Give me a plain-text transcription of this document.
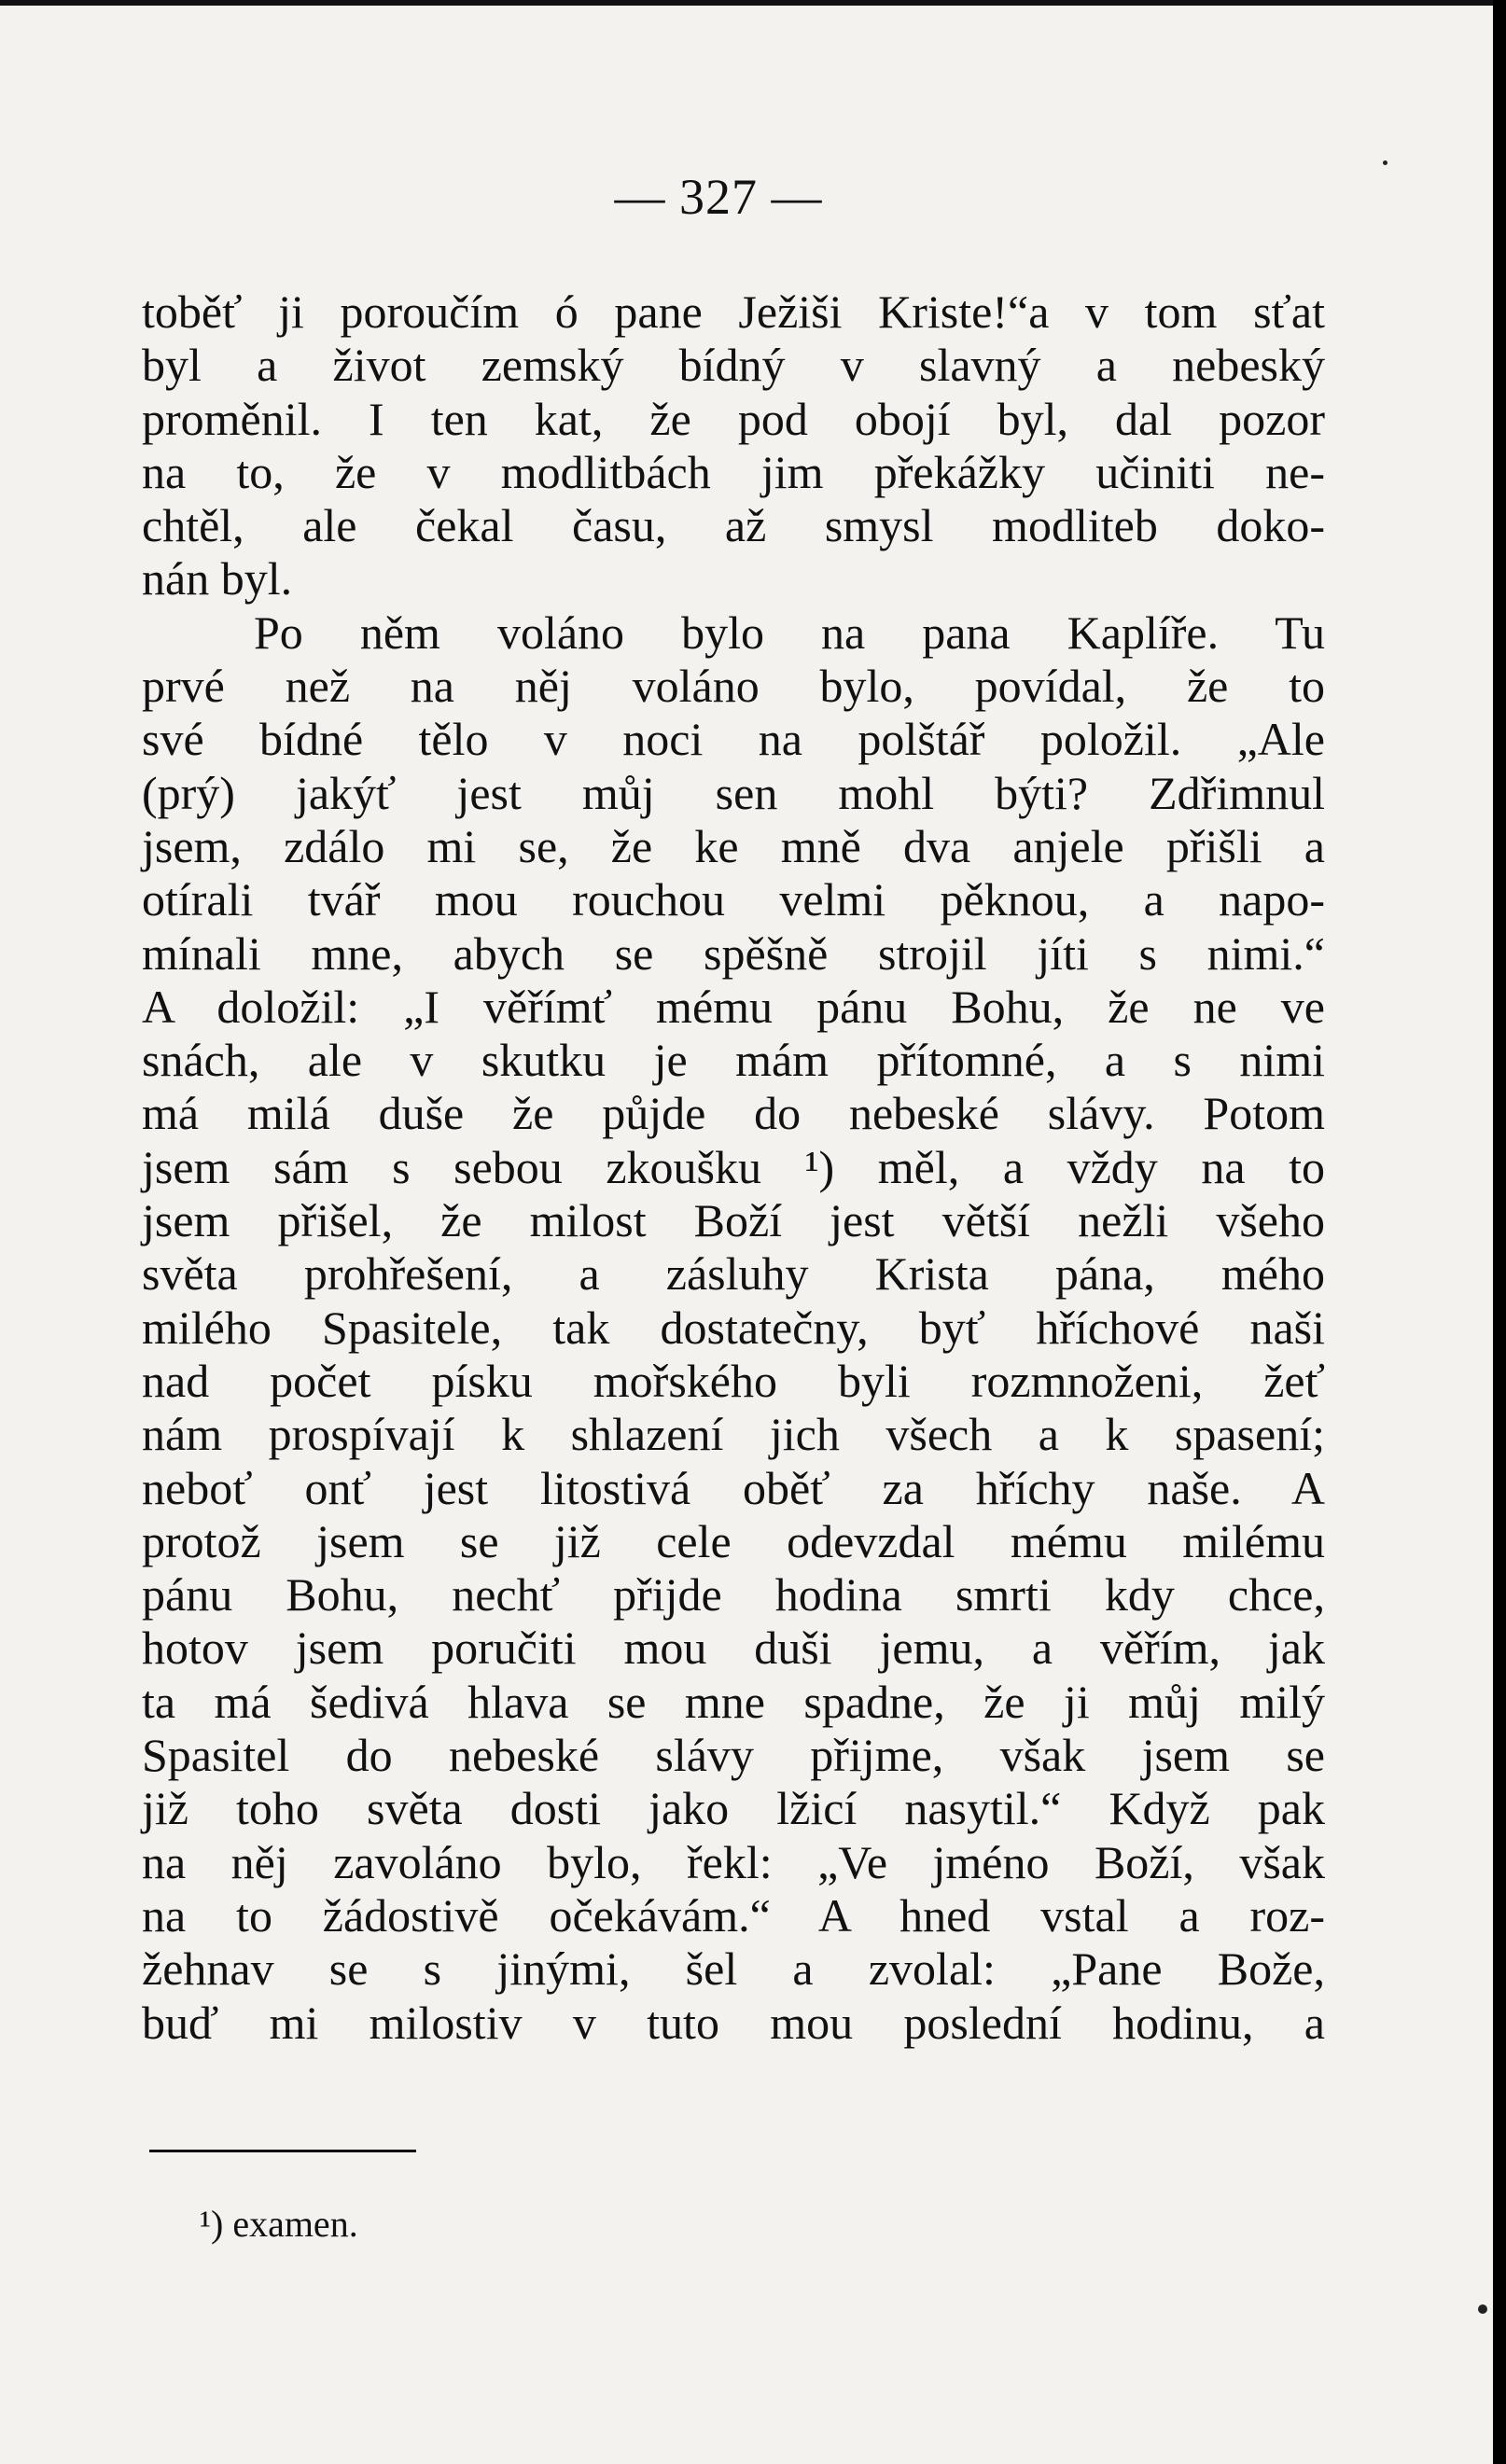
— 327 —
toběť ji poroučím ó pane Ježiši Kriste!“a v tom sťat
byl a život zemský bídný v slavný a nebeský
proměnil. I ten kat, že pod obojí byl, dal pozor
na to, že v modlitbách jim překážky učiniti ne-
chtěl, ale čekal času, až smysl modliteb doko-
nán byl.
Po něm voláno bylo na pana Kaplíře. Tu
prvé než na něj voláno bylo, povídal, že to
své bídné tělo v noci na polštář položil. „Ale
(prý) jakýť jest můj sen mohl býti? Zdřimnul
jsem, zdálo mi se, že ke mně dva anjele přišli a
otírali tvář mou rouchou velmi pěknou, a napo-
mínali mne, abych se spěšně strojil jíti s nimi.“
A doložil: „I věřímť mému pánu Bohu, že ne ve
snách, ale v skutku je mám přítomné, a s nimi
má milá duše že půjde do nebeské slávy. Potom
jsem sám s sebou zkoušku ¹) měl, a vždy na to
jsem přišel, že milost Boží jest větší nežli všeho
světa prohřešení, a zásluhy Krista pána, mého
milého Spasitele, tak dostatečny, byť hříchové naši
nad počet písku mořského byli rozmnoženi, žeť
nám prospívají k shlazení jich všech a k spasení;
neboť onť jest litostivá oběť za hříchy naše. A
protož jsem se již cele odevzdal mému milému
pánu Bohu, nechť přijde hodina smrti kdy chce,
hotov jsem poručiti mou duši jemu, a věřím, jak
ta má šedivá hlava se mne spadne, že ji můj milý
Spasitel do nebeské slávy přijme, však jsem se
již toho světa dosti jako lžicí nasytil.“ Když pak
na něj zavoláno bylo, řekl: „Ve jméno Boží, však
na to žádostivě očekávám.“ A hned vstal a roz-
žehnav se s jinými, šel a zvolal: „Pane Bože,
buď mi milostiv v tuto mou poslední hodinu, a
¹) examen.
